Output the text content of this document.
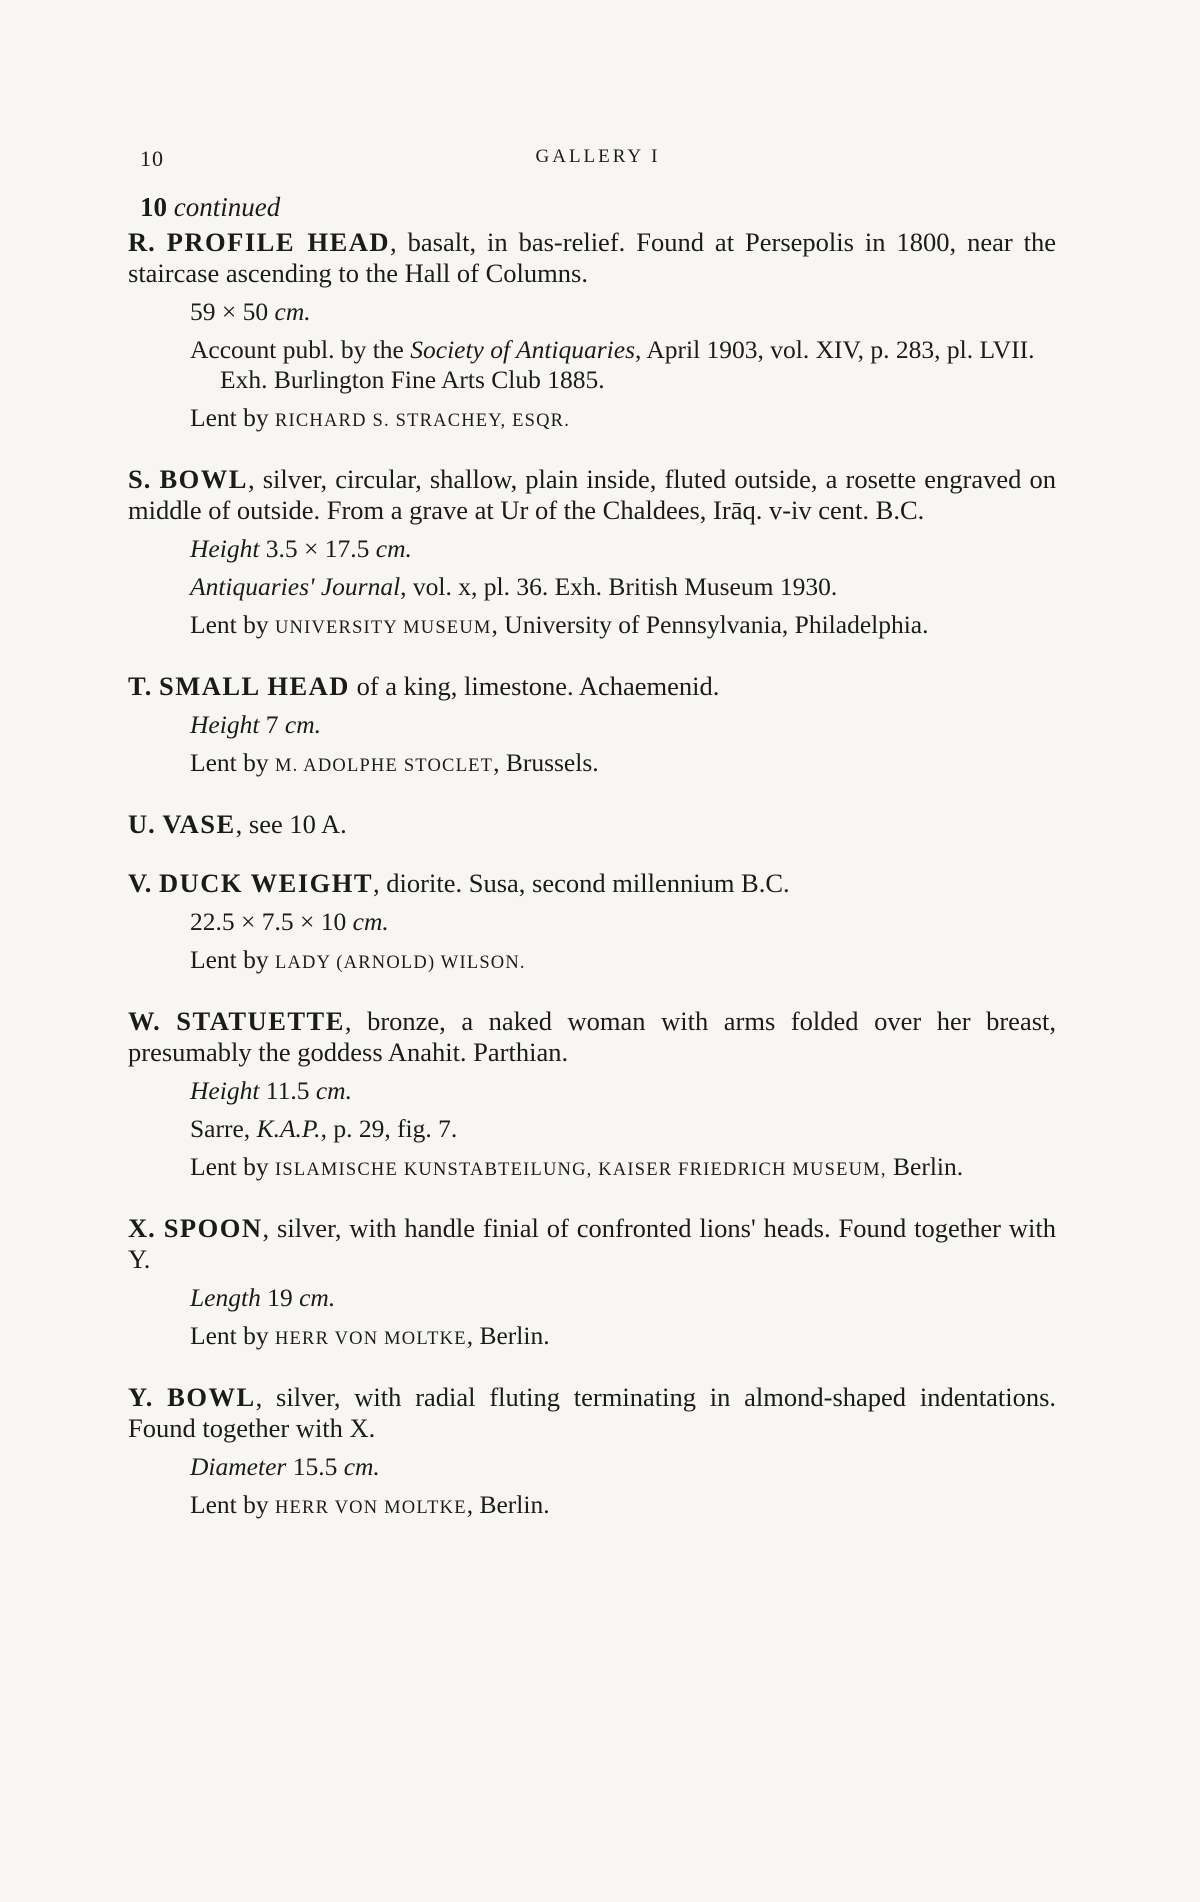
10	GALLERY I
10 continued
R. PROFILE HEAD, basalt, in bas-relief. Found at Persepolis in 1800, near the staircase ascending to the Hall of Columns.
59 × 50 cm.
Account publ. by the Society of Antiquaries, April 1903, vol. XIV, p. 283, pl. LVII. Exh. Burlington Fine Arts Club 1885.
Lent by RICHARD S. STRACHEY, ESQR.
S. BOWL, silver, circular, shallow, plain inside, fluted outside, a rosette engraved on middle of outside. From a grave at Ur of the Chaldees, Irāq. v-iv cent. B.C.
Height 3.5 × 17.5 cm.
Antiquaries' Journal, vol. x, pl. 36. Exh. British Museum 1930.
Lent by UNIVERSITY MUSEUM, University of Pennsylvania, Philadelphia.
T. SMALL HEAD of a king, limestone. Achaemenid.
Height 7 cm.
Lent by M. ADOLPHE STOCLET, Brussels.
U. VASE, see 10 A.
V. DUCK WEIGHT, diorite. Susa, second millennium B.C.
22.5 × 7.5 × 10 cm.
Lent by LADY (ARNOLD) WILSON.
W. STATUETTE, bronze, a naked woman with arms folded over her breast, presumably the goddess Anahit. Parthian.
Height 11.5 cm.
Sarre, K.A.P., p. 29, fig. 7.
Lent by ISLAMISCHE KUNSTABTEILUNG, KAISER FRIEDRICH MUSEUM, Berlin.
X. SPOON, silver, with handle finial of confronted lions' heads. Found together with Y.
Length 19 cm.
Lent by HERR VON MOLTKE, Berlin.
Y. BOWL, silver, with radial fluting terminating in almond-shaped indentations. Found together with X.
Diameter 15.5 cm.
Lent by HERR VON MOLTKE, Berlin.
